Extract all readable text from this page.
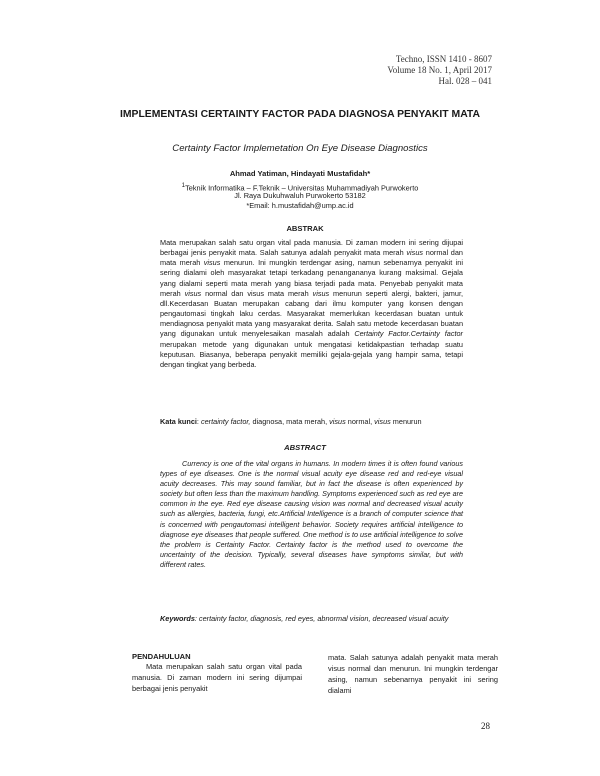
Techno, ISSN 1410 - 8607
Volume 18 No. 1, April 2017
Hal. 028 – 041
IMPLEMENTASI CERTAINTY FACTOR PADA DIAGNOSA PENYAKIT MATA
Certainty Factor Implemetation On Eye Disease Diagnostics
Ahmad Yatiman, Hindayati Mustafidah*
$^1$Teknik Informatika – F.Teknik – Universitas Muhammadiyah Purwokerto
Jl. Raya Dukuhwaluh Purwokerto 53182
*Email: h.mustafidah@ump.ac.id
ABSTRAK
Mata merupakan salah satu organ vital pada manusia. Di zaman modern ini sering dijupai berbagai jenis penyakit mata. Salah satunya adalah penyakit mata merah visus normal dan mata merah visus menurun. Ini mungkin terdengar asing, namun sebenarnya penyakit ini sering dialami oleh masyarakat tetapi terkadang penangananya kurang maksimal. Gejala yang dialami seperti mata merah yang biasa terjadi pada mata. Penyebab penyakit mata merah visus normal dan visus mata merah visus menurun seperti alergi, bakteri, jamur, dll.Kecerdasan Buatan merupakan cabang dari ilmu komputer yang konsen dengan pengautomasi tingkah laku cerdas. Masyarakat memerlukan kecerdasan buatan untuk mendiagnosa penyakit mata yang masyarakat derita. Salah satu metode kecerdasan buatan yang digunakan untuk menyelesaikan masalah adalah Certainty Factor.Certainty factor merupakan metode yang digunakan untuk mengatasi ketidakpastian terhadap suatu keputusan. Biasanya, beberapa penyakit memiliki gejala-gejala yang hampir sama, tetapi dengan tingkat yang berbeda.
Kata kunci: certainty factor, diagnosa, mata merah, visus normal, visus menurun
ABSTRACT
Currency is one of the vital organs in humans. In modern times it is often found various types of eye diseases. One is the normal visual acuity eye disease red and red-eye visual acuity decreases. This may sound familiar, but in fact the disease is often experienced by society but often less than the maximum handling. Symptoms experienced such as red eye are common in the eye. Red eye disease causing vision was normal and decreased visual acuity such as allergies, bacteria, fungi, etc.Artificial Intelligence is a branch of computer science that is concerned with pengautomasi intelligent behavior. Society requires artificial intelligence to diagnose eye diseases that people suffered. One method is to use artificial intelligence to solve the problem is Certainty Factor. Certainty factor is the method used to overcome the uncertainty of the decision. Typically, several diseases have symptoms similar, but with different rates.
Keywords: certainty factor, diagnosis, red eyes, abnormal vision, decreased visual acuity
PENDAHULUAN
Mata merupakan salah satu organ vital pada manusia. Di zaman modern ini sering dijumpai berbagai jenis penyakit
mata. Salah satunya adalah penyakit mata merah visus normal dan menurun. Ini mungkin terdengar asing, namun sebenarnya penyakit ini sering dialami
28
